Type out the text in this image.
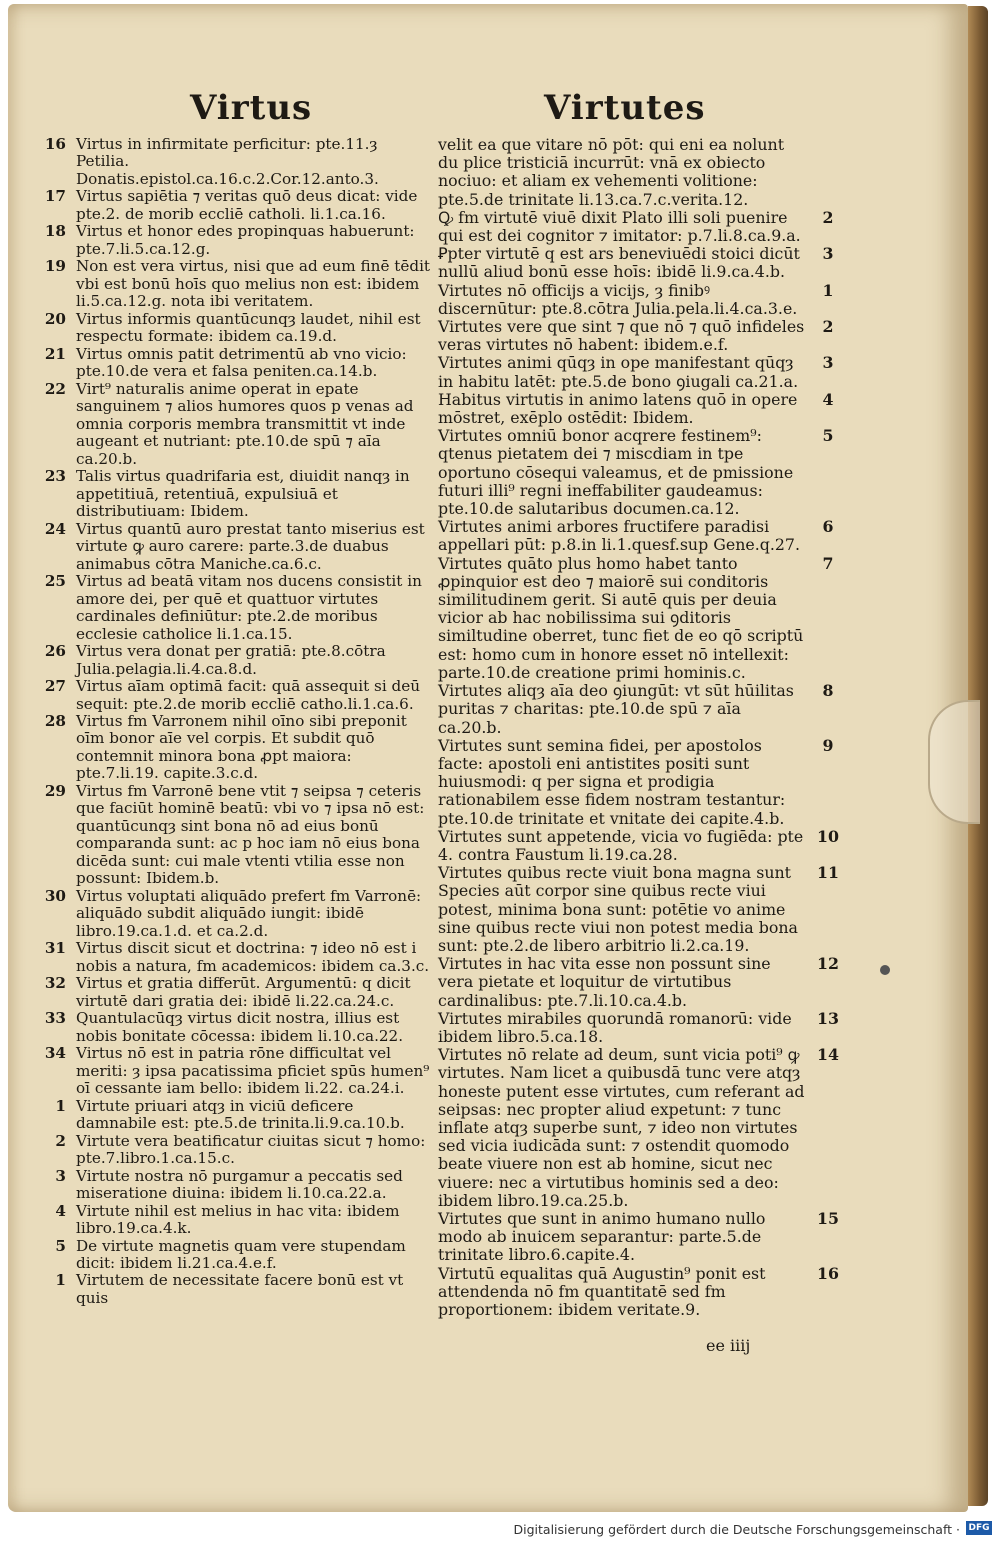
Virtus	Virtutes
16 Virtus in infirmitate perficitur: pte.11.ȝ Petilia. Donatis.epistol.ca.16.c.2.Cor.12.anto.3.
17 Virtus sapiētia ⁊ veritas quō deus dicat: vide pte.2. de morib eccliē catholi. li.1.ca.16.
18 Virtus et honor edes propinquas habuerunt: pte.7.li.5.ca.12.g.
19 Non est vera virtus, nisi que ad eum finē tēdit vbi est bonū hoīs quo melius non est: ibidem li.5.ca.12.g. nota ibi veritatem.
20 Virtus informis quantūcunqȝ laudet, nihil est respectu formate: ibidem ca.19.d.
21 Virtus omnis patit detrimentū ab vno vicio: pte.10.de vera et falsa peniten.ca.14.b.
22 Virt⁹ naturalis anime operat in epate sanguinem ⁊ alios humores quos p venas ad omnia corporis membra transmittit vt inde augeant et nutriant: pte.10.de spū ⁊ aīa ca.20.b.
23 Talis virtus quadrifaria est, diuidit nanqȝ in appetitiuā, retentiuā, expulsiuā et distributiuam: Ibidem.
24 Virtus quantū auro prestat tanto miserius est virtute ꝙ auro carere: parte.3.de duabus animabus cōtra Maniche.ca.6.c.
25 Virtus ad beatā vitam nos ducens consistit in amore dei, per quē et quattuor virtutes cardinales definiūtur: pte.2.de moribus ecclesie catholice li.1.ca.15.
26 Virtus vera donat per gratiā: pte.8.cōtra Julia.pelagia.li.4.ca.8.d.
27 Virtus aīam optimā facit: quā assequit si deū sequit: pte.2.de morib eccliē catho.li.1.ca.6.
28 Virtus fm Varronem nihil oīno sibi preponit oīm bonor aīe vel corpis. Et subdit quō contemnit minora bona ꝓpt maiora: pte.7.li.19. capite.3.c.d.
29 Virtus fm Varronē bene vtit ⁊ seipsa ⁊ ceteris que faciūt hominē beatū: vbi vo ⁊ ipsa nō est: quantūcunqȝ sint bona nō ad eius bonū comparanda sunt: ac p hoc iam nō eius bona dicēda sunt: cui male vtenti vtilia esse non possunt: Ibidem.b.
30 Virtus voluptati aliquādo prefert fm Varronē: aliquādo subdit aliquādo iungit: ibidē libro.19.ca.1.d. et ca.2.d.
31 Virtus discit sicut et doctrina: ⁊ ideo nō est i nobis a natura, fm academicos: ibidem ca.3.c.
32 Virtus et gratia differūt. Argumentū: q dicit virtutē dari gratia dei: ibidē li.22.ca.24.c.
33 Quantulacūqȝ virtus dicit nostra, illius est nobis bonitate cōcessa: ibidem li.10.ca.22.
34 Virtus nō est in patria rōne difficultat vel meriti: ȝ ipsa pacatissima pficiet spūs humen⁹ oī cessante iam bello: ibidem li.22. ca.24.i.
1 Virtute priuari atqȝ in viciū deficere damnabile est: pte.5.de trinita.li.9.ca.10.b.
2 Virtute vera beatificatur ciuitas sicut ⁊ homo: pte.7.libro.1.ca.15.c.
3 Virtute nostra nō purgamur a peccatis sed miseratione diuina: ibidem li.10.ca.22.a.
4 Virtute nihil est melius in hac vita: ibidem libro.19.ca.4.k.
5 De virtute magnetis quam vere stupendam dicit: ibidem li.21.ca.4.e.f.
1 Virtutem de necessitate facere bonū est vt quis
velit ea que vitare nō pōt: qui eni ea nolunt du plice tristiciā incurrūt: vnā ex obiecto nociuo: et aliam ex vehementi volitione: pte.5.de trinitate li.13.ca.7.c.verita.12.
2
Ꝙ fm virtutē viuē dixit Plato illi soli puenire qui est dei cognitor ⁊ imitator: p.7.li.8.ca.9.a.
3
Ꝑpter virtutē q est ars beneviuēdi stoici dicūt nullū aliud bonū esse hoīs: ibidē li.9.ca.4.b.
1
Virtutes nō officijs a vicijs, ȝ finibꝰ discernūtur: pte.8.cōtra Julia.pela.li.4.ca.3.e.
2
Virtutes vere que sint ⁊ que nō ⁊ quō infideles veras virtutes nō habent: ibidem.e.f.
3
Virtutes animi qūqȝ in ope manifestant qūqȝ in habitu latēt: pte.5.de bono ꝯiugali ca.21.a.
4
Habitus virtutis in animo latens quō in opere mōstret, exēplo ostēdit: Ibidem.
5
Virtutes omniū bonor acqrere festinem⁹: qtenus pietatem dei ⁊ miscdiam in tpe oportuno cōsequi valeamus, et de pmissione futuri illi⁹ regni ineffabiliter gaudeamus: pte.10.de salutaribus documen.ca.12.
6
Virtutes animi arbores fructifere paradisi appellari pūt: p.8.in li.1.quesf.sup Gene.q.27.
7
Virtutes quāto plus homo habet tanto ꝓpinquior est deo ⁊ maiorē sui conditoris similitudinem gerit. Si autē quis per deuia vicior ab hac nobilissima sui ꝯditoris similtudine oberret, tunc fiet de eo qō scriptū est: homo cum in honore esset nō intellexit: parte.10.de creatione primi hominis.c.
8
Virtutes aliqȝ aīa deo ꝯiungūt: vt sūt hūilitas puritas ⁊ charitas: pte.10.de spū ⁊ aīa ca.20.b.
9
Virtutes sunt semina fidei, per apostolos facte: apostoli eni antistites positi sunt huiusmodi: q per signa et prodigia rationabilem esse fidem nostram testantur: pte.10.de trinitate et vnitate dei capite.4.b.
10
Virtutes sunt appetende, vicia vo fugiēda: pte 4. contra Faustum li.19.ca.28.
11
Virtutes quibus recte viuit bona magna sunt Species aūt corpor sine quibus recte viui potest, minima bona sunt: potētie vo anime sine quibus recte viui non potest media bona sunt: pte.2.de libero arbitrio li.2.ca.19.
12
Virtutes in hac vita esse non possunt sine vera pietate et loquitur de virtutibus cardinalibus: pte.7.li.10.ca.4.b.
13
Virtutes mirabiles quorundā romanorū: vide ibidem libro.5.ca.18.
14
Virtutes nō relate ad deum, sunt vicia poti⁹ ꝙ virtutes. Nam licet a quibusdā tunc vere atqȝ honeste putent esse virtutes, cum referant ad seipsas: nec propter aliud expetunt: ⁊ tunc inflate atqȝ superbe sunt, ⁊ ideo non virtutes sed vicia iudicāda sunt: ⁊ ostendit quomodo beate viuere non est ab homine, sicut nec viuere: nec a virtutibus hominis sed a deo: ibidem libro.19.ca.25.b.
15
Virtutes que sunt in animo humano nullo modo ab inuicem separantur: parte.5.de trinitate libro.6.capite.4.
16
Virtutū equalitas quā Augustin⁹ ponit est attendenda nō fm quantitatē sed fm proportionem: ibidem veritate.9.
ee iiij
Digitalisierung gefördert durch die Deutsche Forschungsgemeinschaft · DFG
